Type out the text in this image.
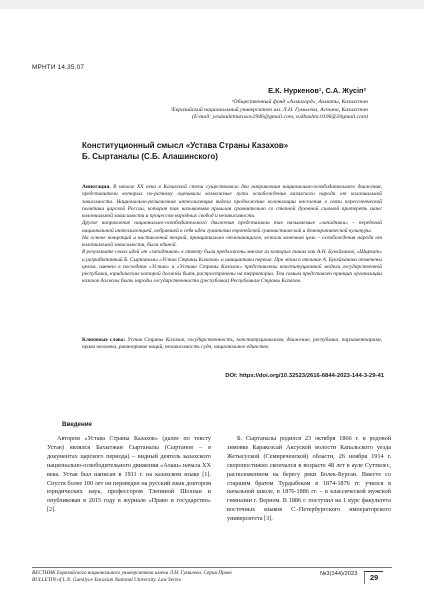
МРНТИ 14.35.07
Е.К. Нуркенов¹, С.А. Жусіп²
¹Общественный фонд «Алмагорд», Алматы, Казахстан
²Евразийский национальный университет им. Л.Н. Гумилева, Астана, Казахстан
(E-mail: yesdauletnurasov2946@gmail.com, svdbashtn.0106@20gmail.com)
Конституционный смысл «Устава Страны Казахов»
Б. Сыртаналы (С.Б. Алашинского)

Аннотация. В начале XX века в Казахской степи существовало два направления национально-освободительного движения, представители которых по-разному оценивали возможные пути освобождения казахского народа от колониальной зависимости. Национально-религиозная интеллигенция видела продолжение колонизации населения в связи переселенческой политики царской России, которая так называемая пришлая сравнительно со степной духовной сильной притереть шанс колониальной зависимости и процессом народных свобод и независимости.

Другое направление национально-освободительного движения представляли так называемые «западники» – передовой национальной интеллигенцией, вобравшей в себя идеи гуманизма европейской гуманистической и демократической культуры.

На основе концепций и наставлений теорий, принципиально отличающихся, лежали конечная цель – освобождения народа от колониальной зависимости, была единой.

В результате своих идей от «западников» к ответу были предложены многие из которых таких как А.Н. Букейханов, «Ширкат» и разработанный Б. Сыртаналы «Устав Страны Казахов» и инициативы первые. При этом в отличие А. Букейханова отмечены целом, именно в последнем «Устав» и «Устава Страны Казахов» представлены конституционной модели государственной республики, юридические которой должны быть распространены на территории. Тем самым представлен принцип организации казахов должны быть народы государственности (республика) Республикам Страны Казахов.

Ключевые слова: Устав Страны Казахов, государственность, конституционализм, движение, республика, парламентаризм, права человека, равноправие наций, независимость суда, национальное единство.
DOI: https://doi.org/10.32523/2616-6844-2023-144-3-29-41
Введение

Автором «Устава Страны Казахов» (далее по тексту Устав) являлся Бахытжан Сыртаналы (Сыртанов – в документах царского периода) – видный деятель казахского национально-освободительного движения «Алаш» начала XX века. Устав был написан в 1911 г. на казахском языке [1]. Спустя более 100 лет он переведен на русский язык доктором юридических наук, профессором Тлепиной Шолпан и опубликован в 2015 году в журнале «Право и государство» [2].

Б. Сыртаналы родился 23 октября 1866 г. в родовой зимовке Каракозсай Аксуской волости Капальского уезда Жетысуской (Семиреченской) области, 26 ноября 1914 г. скоропостижно скончался в возрасте 48 лет в ауле Суттилес, расположенном на берегу реки Болек-Бурган. Вместе со старшим братом Турдыбеком в 1874-1876 гг. учился в начальной школе, в 1876-1886 гг. – в классической мужской гимназии г. Верном. В 1886 г. поступил на 1 курс факультета восточных языков С.-Петербургского императорского университета [3].

ВЕСТНИК Евразийского национального университета имени Л.Н. Гумилева. Серия Право
BULLETIN of L.N. Gumilyov Eurasian National University. Law Series
№3(144)/2023	29
